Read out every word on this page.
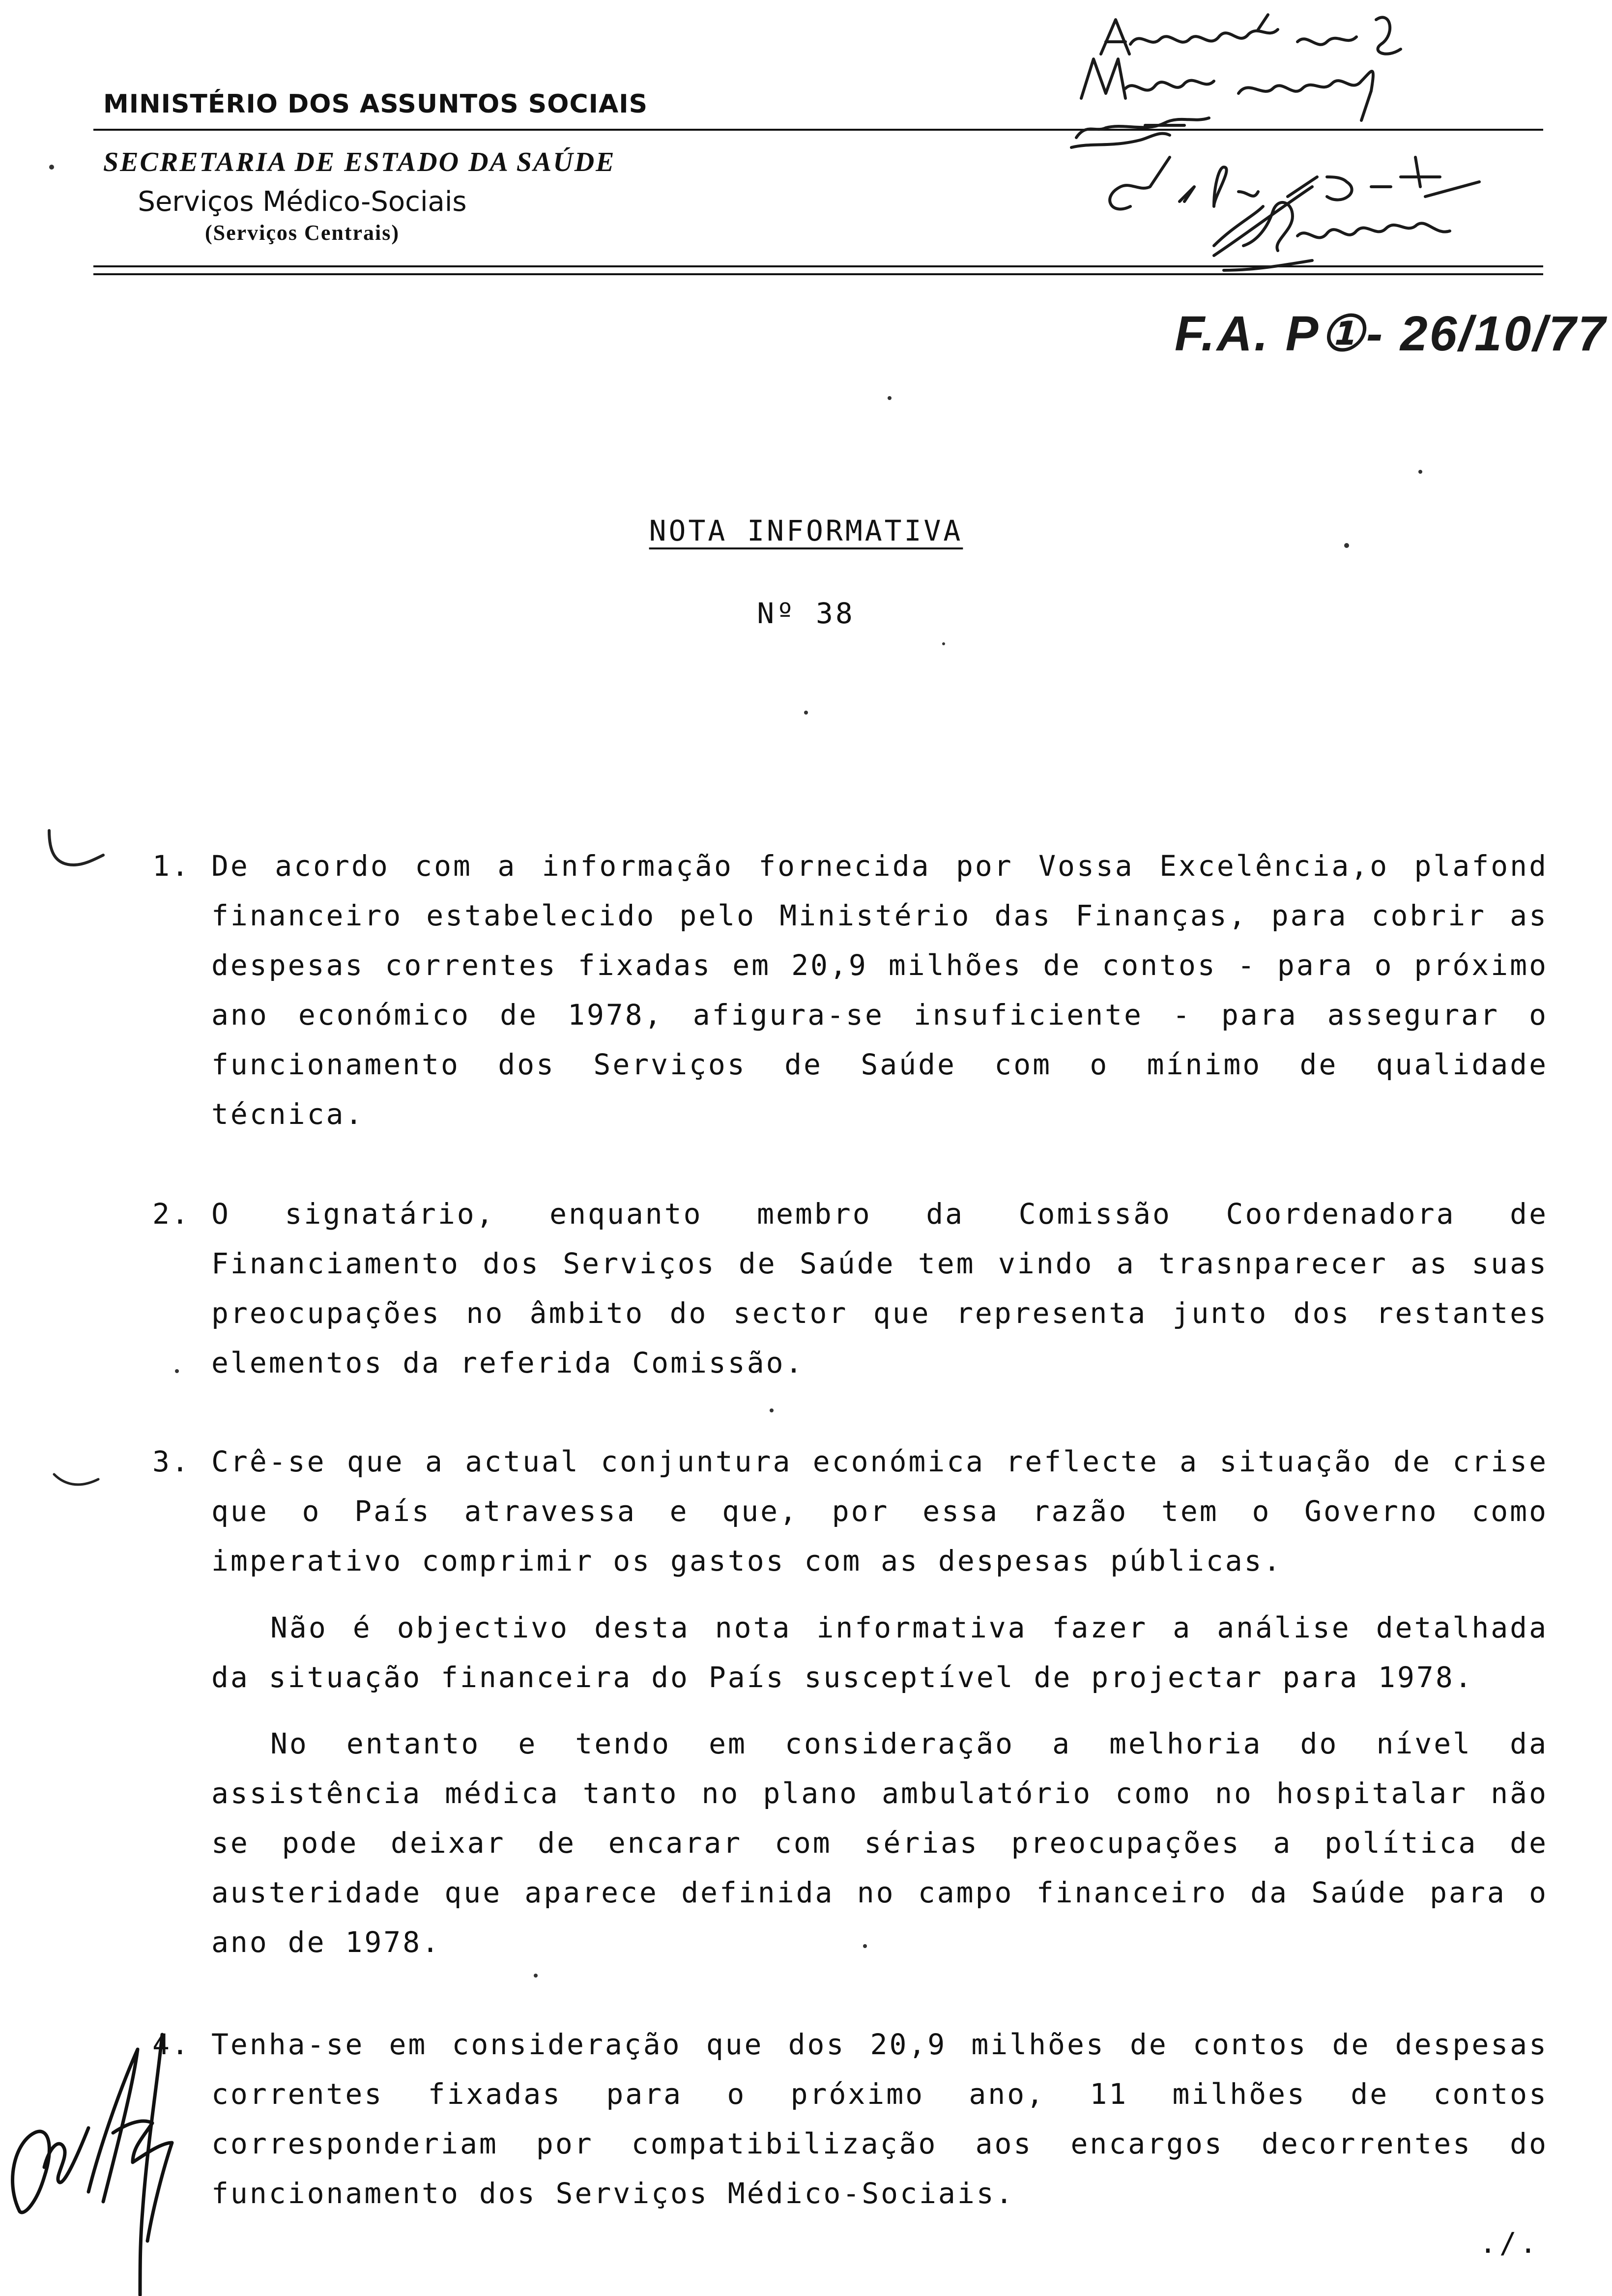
MINISTÉRIO DOS ASSUNTOS SOCIAIS
SECRETARIA DE ESTADO DA SAÚDE
Serviços Médico-Sociais
(Serviços Centrais)
F.A. P①- 26/10/77
NOTA INFORMATIVA
Nº 38
1. De acordo com a informação fornecida por Vossa Excelência,o plafond financeiro estabelecido pelo Ministério das Finanças, para cobrir as despesas correntes fixadas em 20,9 milhões de contos - para o próximo ano económico de 1978, afigura-se insuficiente - para assegurar o funcionamento dos Serviços de Saúde com o mínimo de qualidade técnica.
2. O signatário, enquanto membro da Comissão Coordenadora de Financiamento dos Serviços de Saúde tem vindo a trasnparecer as suas preocupações no âmbito do sector que representa junto dos restantes elementos da referida Comissão.
3. Crê-se que a actual conjuntura económica reflecte a situação de crise que o País atravessa e que, por essa razão tem o Governo como imperativo comprimir os gastos com as despesas públicas.
Não é objectivo desta nota informativa fazer a análise detalhada da situação financeira do País susceptível de projectar para 1978.
No entanto e tendo em consideração a melhoria do nível da assistência médica tanto no plano ambulatório como no hospitalar não se pode deixar de encarar com sérias preocupações a política de austeridade que aparece definida no campo financeiro da Saúde para o ano de 1978.
4. Tenha-se em consideração que dos 20,9 milhões de contos de despesas correntes fixadas para o próximo ano, 11 milhões de contos corresponderiam por compatibilização aos encargos decorrentes do funcionamento dos Serviços Médico-Sociais.
./.
